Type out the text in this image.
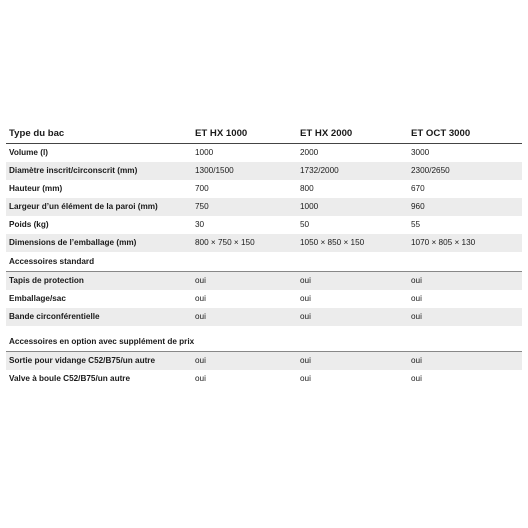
Type du bac	ET HX 1000	ET HX 2000	ET OCT 3000
Volume (l)	1000	2000	3000
Diamètre inscrit/circonscrit (mm)	1300/1500	1732/2000	2300/2650
Hauteur (mm)	700	800	670
Largeur d’un élément de la paroi (mm)	750	1000	960
Poids (kg)	30	50	55
Dimensions de l’emballage (mm)	800 × 750 × 150	1050 × 850 × 150	1070 × 805 × 130
Accessoires standard
Tapis de protection	oui	oui	oui
Emballage/sac	oui	oui	oui
Bande circonférentielle	oui	oui	oui
Accessoires en option avec supplément de prix
Sortie pour vidange C52/B75/un autre	oui	oui	oui
Valve à boule C52/B75/un autre	oui	oui	oui
